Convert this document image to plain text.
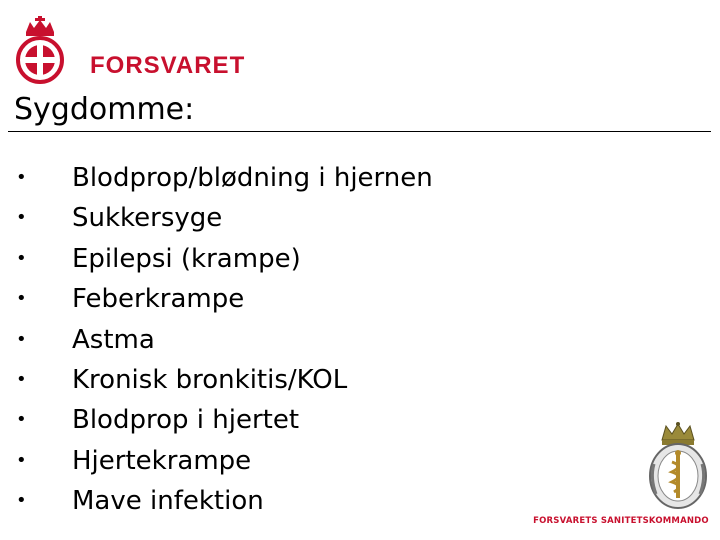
FORSVARET
Sygdomme:
• Blodprop/blødning i hjernen
• Sukkersyge
• Epilepsi (krampe)
• Feberkrampe
• Astma
• Kronisk bronkitis/KOL
• Blodprop i hjertet
• Hjertekrampe
• Mave infektion
FORSVARETS SANITETSKOMMANDO
